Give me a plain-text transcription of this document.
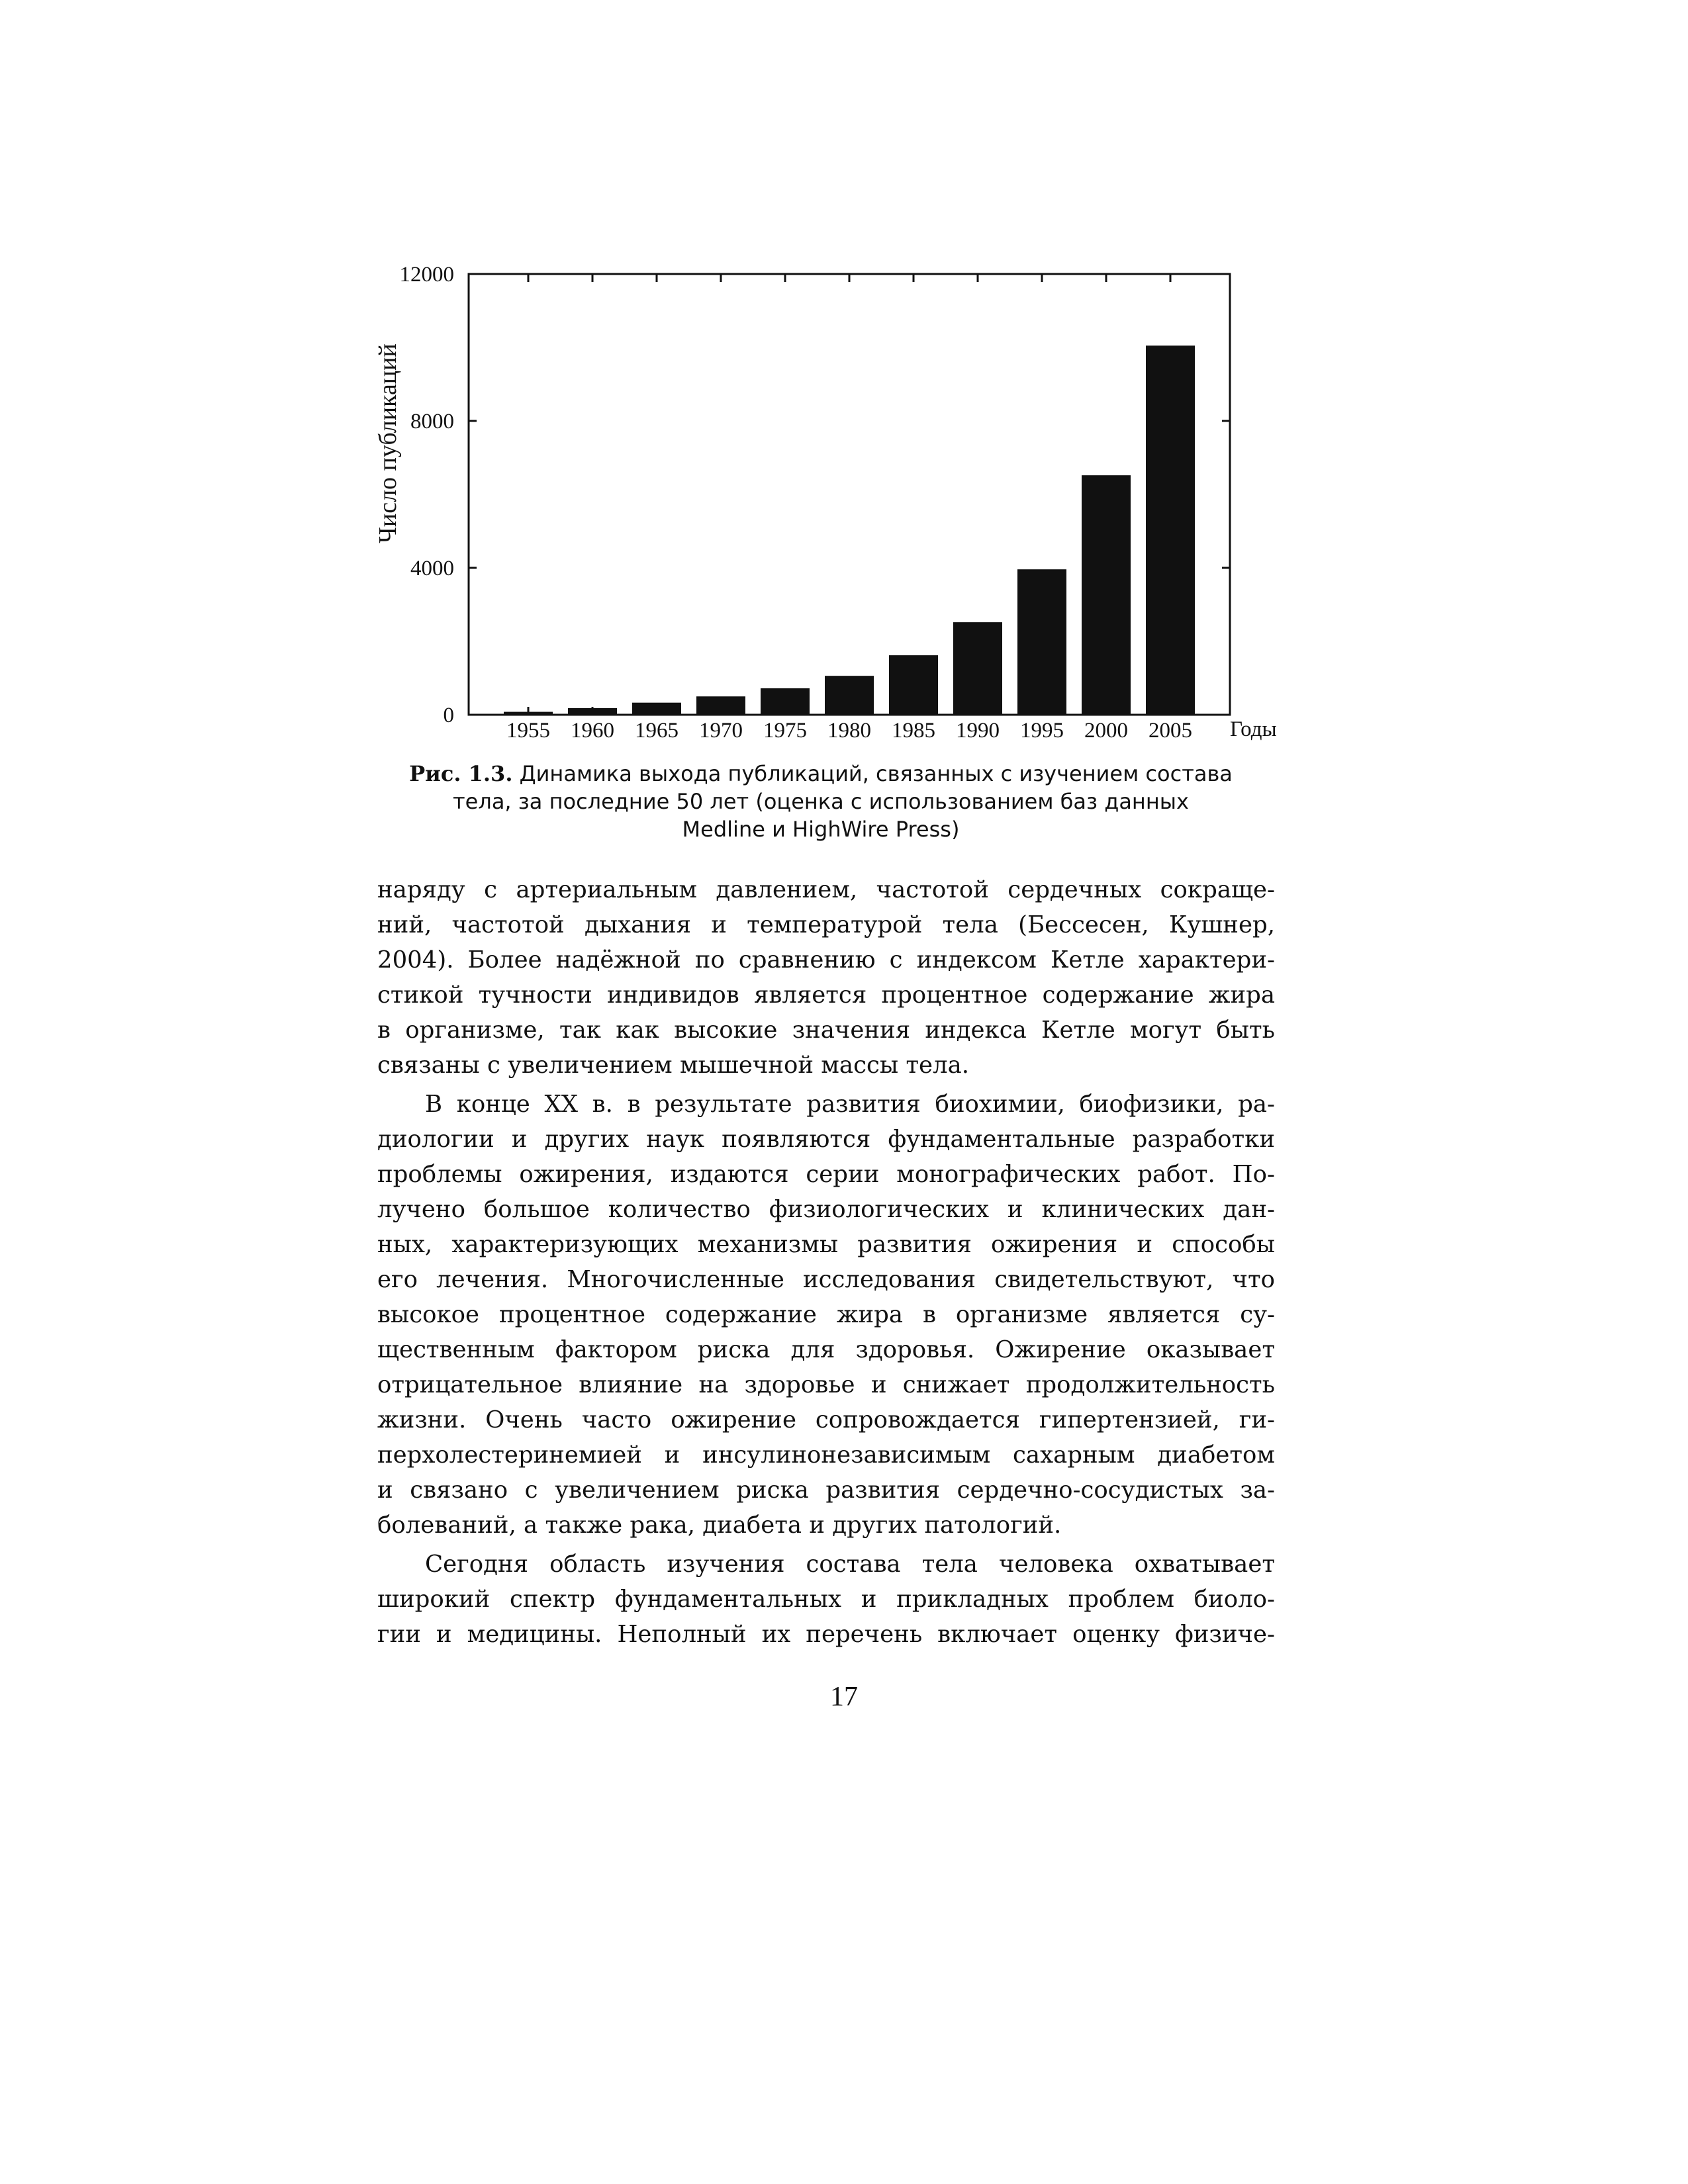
1955 1960 1965 1970 1975 1980 1985 1990 1995 2000 2005
0
4000
8000
12000
Число публикаций
Годы
Рис. 1.3. Динамика выхода публикаций, связанных с изучением состава
тела, за последние 50 лет (оценка с использованием баз данных
Medline и HighWire Press)
наряду с артериальным давлением, частотой сердечных сокраще-
ний, частотой дыхания и температурой тела (Бессесен, Кушнер,
2004). Более надёжной по сравнению с индексом Кетле характери-
стикой тучности индивидов является процентное содержание жира
в организме, так как высокие значения индекса Кетле могут быть
связаны с увеличением мышечной массы тела.
В конце XX в. в результате развития биохимии, биофизики, ра-
диологии и других наук появляются фундаментальные разработки
проблемы ожирения, издаются серии монографических работ. По-
лучено большое количество физиологических и клинических дан-
ных, характеризующих механизмы развития ожирения и способы
его лечения. Многочисленные исследования свидетельствуют, что
высокое процентное содержание жира в организме является су-
щественным фактором риска для здоровья. Ожирение оказывает
отрицательное влияние на здоровье и снижает продолжительность
жизни. Очень часто ожирение сопровождается гипертензией, ги-
перхолестеринемией и инсулинонезависимым сахарным диабетом
и связано с увеличением риска развития сердечно-сосудистых за-
болеваний, а также рака, диабета и других патологий.
Сегодня область изучения состава тела человека охватывает
широкий спектр фундаментальных и прикладных проблем биоло-
гии и медицины. Неполный их перечень включает оценку физиче-
17
